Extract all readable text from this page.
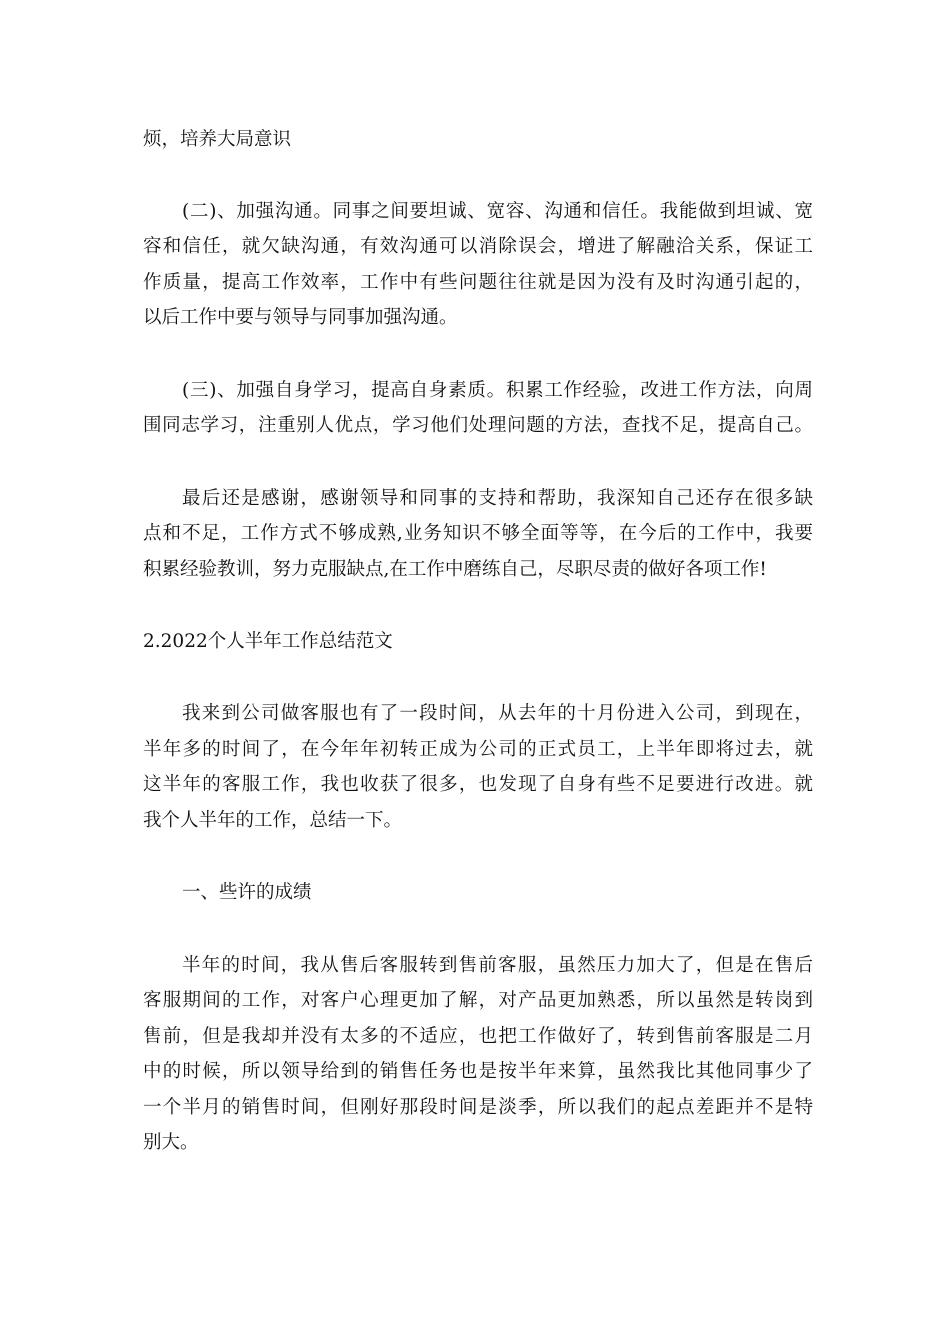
烦，培养大局意识

(二)、加强沟通。同事之间要坦诚、宽容、沟通和信任。我能做到坦诚、宽

容和信任，就欠缺沟通，有效沟通可以消除误会，增进了解融洽关系，保证工

作质量，提高工作效率，工作中有些问题往往就是因为没有及时沟通引起的，

以后工作中要与领导与同事加强沟通。

(三)、加强自身学习，提高自身素质。积累工作经验，改进工作方法，向周

围同志学习，注重别人优点，学习他们处理问题的方法，查找不足，提高自己。

最后还是感谢，感谢领导和同事的支持和帮助，我深知自己还存在很多缺

点和不足，工作方式不够成熟,业务知识不够全面等等，在今后的工作中，我要

积累经验教训，努力克服缺点,在工作中磨练自己，尽职尽责的做好各项工作!

2.2022个人半年工作总结范文

我来到公司做客服也有了一段时间，从去年的十月份进入公司，到现在，

半年多的时间了，在今年年初转正成为公司的正式员工，上半年即将过去，就

这半年的客服工作，我也收获了很多，也发现了自身有些不足要进行改进。就

我个人半年的工作，总结一下。

一、些许的成绩

半年的时间，我从售后客服转到售前客服，虽然压力加大了，但是在售后

客服期间的工作，对客户心理更加了解，对产品更加熟悉，所以虽然是转岗到

售前，但是我却并没有太多的不适应，也把工作做好了，转到售前客服是二月

中的时候，所以领导给到的销售任务也是按半年来算，虽然我比其他同事少了

一个半月的销售时间，但刚好那段时间是淡季，所以我们的起点差距并不是特

别大。
